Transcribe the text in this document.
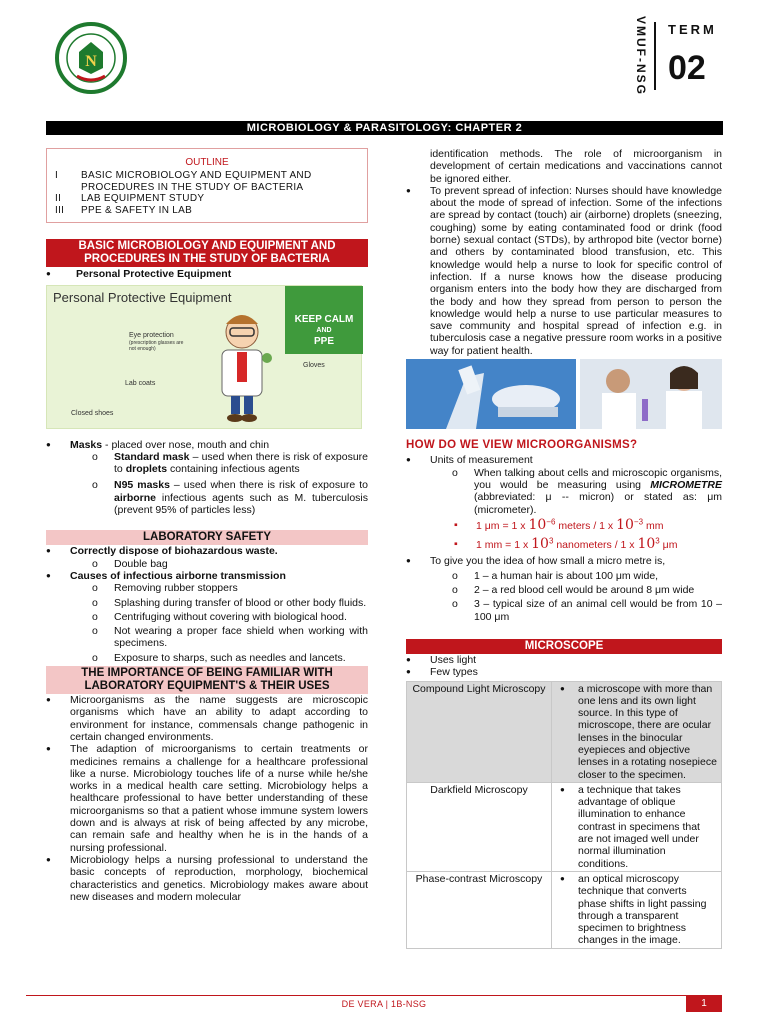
N	VMUF-NSG TERM
02
MICROBIOLOGY & PARASITOLOGY: CHAPTER 2
OUTLINE
I	BASIC MICROBIOLOGY AND EQUIPMENT AND PROCEDURES IN THE STUDY OF BACTERIA
II	LAB EQUIPMENT STUDY
III	PPE & SAFETY IN LAB
BASIC MICROBIOLOGY AND EQUIPMENT AND PROCEDURES IN THE STUDY OF BACTERIA
● Personal Protective Equipment
Personal Protective Equipment
KEEP CALM
AND
PPE
Eye protection
(prescription glasses are not enough)
Lab coats
Closed shoes
Gloves
● Masks - placed over nose, mouth and chin
o Standard mask – used when there is risk of exposure to droplets containing infectious agents
o N95 masks – used when there is risk of exposure to airborne infectious agents such as M. tuberculosis (prevent 95% of particles less)
LABORATORY SAFETY
● Correctly dispose of biohazardous waste.
o Double bag
● Causes of infectious airborne transmission
o Removing rubber stoppers
o Splashing during transfer of blood or other body fluids.
o Centrifuging without covering with biological hood.
o Not wearing a proper face shield when working with specimens.
o Exposure to sharps, such as needles and lancets.
THE IMPORTANCE OF BEING FAMILIAR WITH LABORATORY EQUIPMENT'S & THEIR USES
● Microorganisms as the name suggests are microscopic organisms which have an ability to adapt according to environment for instance, commensals change pathogenic in certain changed environments.
● The adaption of microorganisms to certain treatments or medicines remains a challenge for a healthcare professional like a nurse. Microbiology touches life of a nurse while he/she works in a medical health care setting. Microbiology helps a healthcare professional to have better understanding of these microorganisms so that a patient whose immune system lowers down and is always at risk of being affected by any microbe, can remain safe and healthy when he is in the hands of a nursing professional.
● Microbiology helps a nursing professional to understand the basic concepts of reproduction, morphology, biochemical characteristics and genetics. Microbiology makes aware about new diseases and modern molecular
identification methods. The role of microorganism in development of certain medications and vaccinations cannot be ignored either.
● To prevent spread of infection: Nurses should have knowledge about the mode of spread of infection. Some of the infections are spread by contact (touch) air (airborne) droplets (sneezing, coughing) some by eating contaminated food or drink (food borne) sexual contact (STDs), by arthropod bite (vector borne) and others by contaminated blood transfusion, etc. This knowledge would help a nurse to look for specific control of infection. If a nurse knows how the disease producing organism enters into the body how they are discharged from the body and how they spread from person to person the knowledge would help a nurse to use particular measures to save community and hospital spread of infection e.g. in tuberculosis case a negative pressure room works in a positive way for patient health.
HOW DO WE VIEW MICROORGANISMS?
● Units of measurement
o When talking about cells and microscopic organisms, you would be measuring using MICROMETRE (abbreviated: μ -- micron) or stated as: μm (micrometer).
▪ 1 μm = 1 x $10^{-6}$ meters / 1 x $10^{-3}$ mm
▪ 1 mm = 1 x $10^3$ nanometers / 1 x $10^3$ μm
● To give you the idea of how small a micro metre is,
o 1 – a human hair is about 100 μm wide,
o 2 – a red blood cell would be around 8 μm wide
o 3 – typical size of an animal cell would be from 10 – 100 μm
MICROSCOPE
● Uses light
● Few types
Compound Light Microscopy	● a microscope with more than one lens and its own light source. In this type of microscope, there are ocular lenses in the binocular eyepieces and objective lenses in a rotating nosepiece closer to the specimen.
Darkfield Microscopy	● a technique that takes advantage of oblique illumination to enhance contrast in specimens that are not imaged well under normal illumination conditions.
Phase-contrast Microscopy	● an optical microscopy technique that converts phase shifts in light passing through a transparent specimen to brightness changes in the image.
DE VERA | 1B-NSG	1
